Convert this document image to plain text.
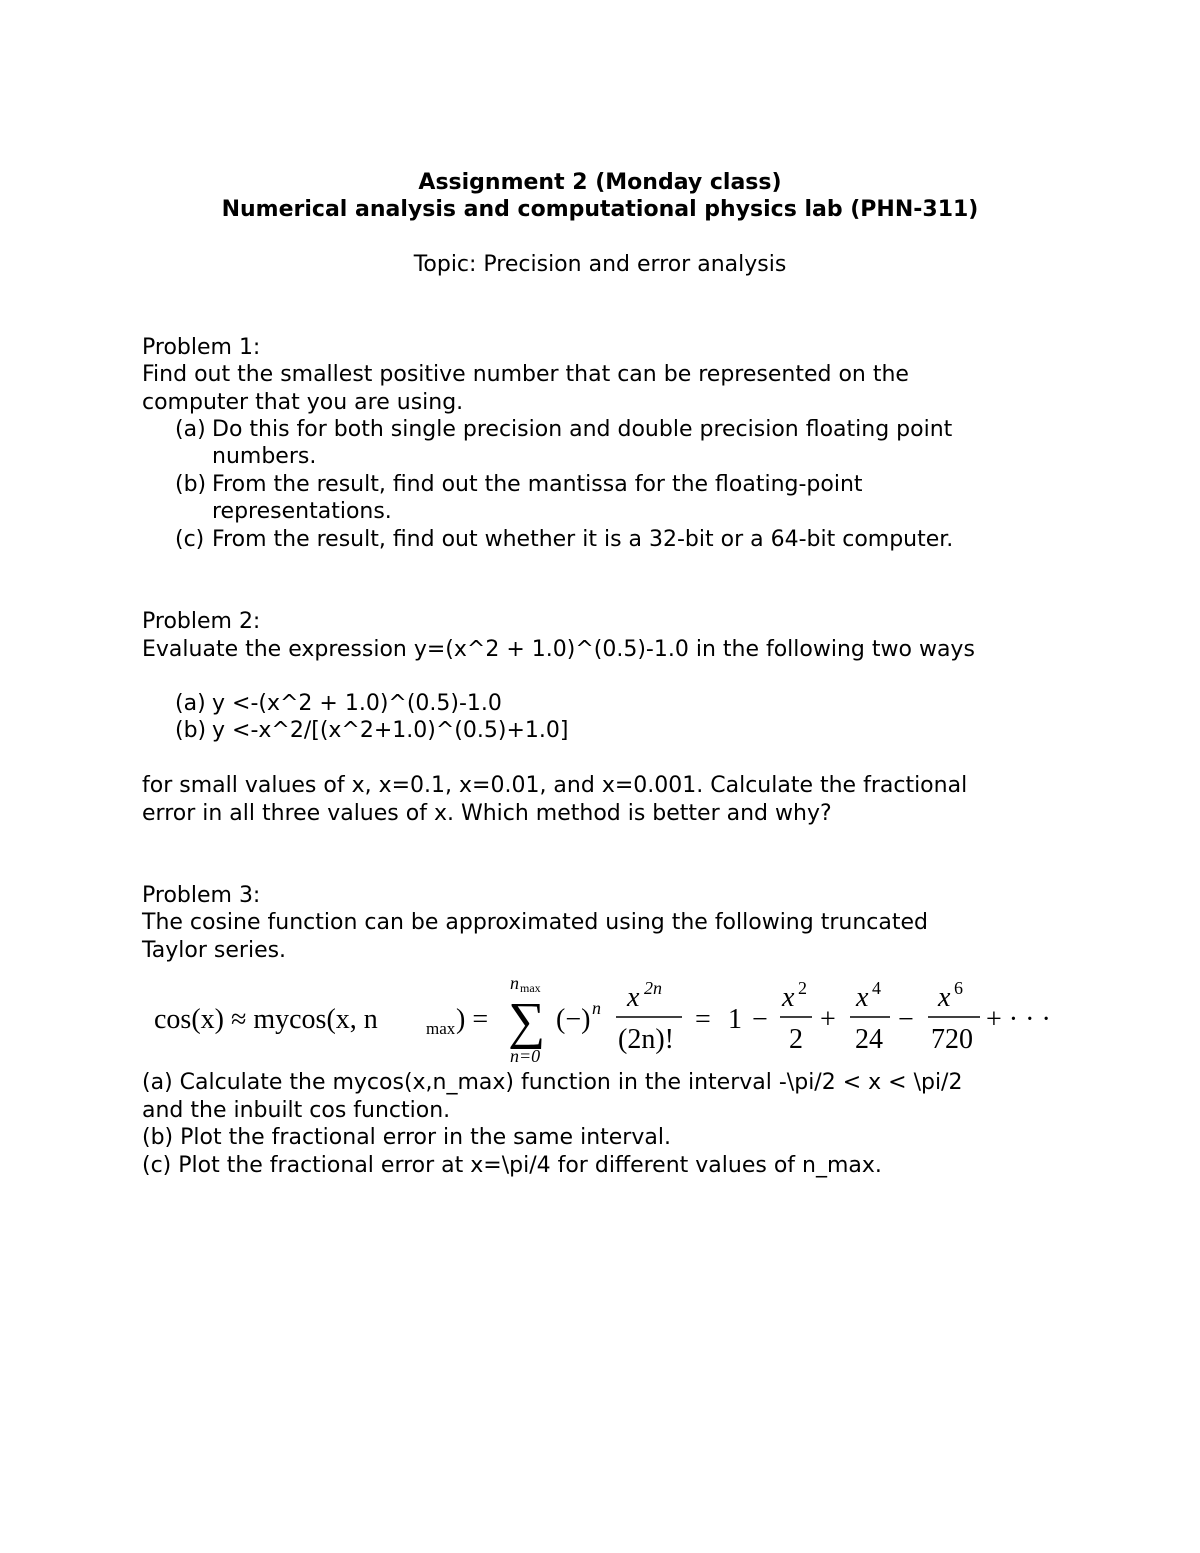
Assignment 2 (Monday class)
Numerical analysis and computational physics lab (PHN-311)
Topic: Precision and error analysis
Problem 1:
Find out the smallest positive number that can be represented on the
computer that you are using.
(a) Do this for both single precision and double precision floating point
numbers.
(b) From the result, find out the mantissa for the floating-point
representations.
(c) From the result, find out whether it is a 32-bit or a 64-bit computer.
Problem 2:
Evaluate the expression y=(x^2 + 1.0)^(0.5)-1.0 in the following two ways
(a) y <-(x^2 + 1.0)^(0.5)-1.0
(b) y <-x^2/[(x^2+1.0)^(0.5)+1.0]
for small values of x, x=0.1, x=0.01, and x=0.001. Calculate the fractional
error in all three values of x. Which method is better and why?
Problem 3:
The cosine function can be approximated using the following truncated
Taylor series.
cos(x) ≈ mycos(x, n	max ) =
n max
∑
n=0
(−) n x 2n
(2n)!
= 1 −
x 2
2
+
x 4
24
−
x 6
720
+ · · ·
(a) Calculate the mycos(x,n_max) function in the interval -\pi/2 < x < \pi/2
and the inbuilt cos function.
(b) Plot the fractional error in the same interval.
(c) Plot the fractional error at x=\pi/4 for different values of n_max.
